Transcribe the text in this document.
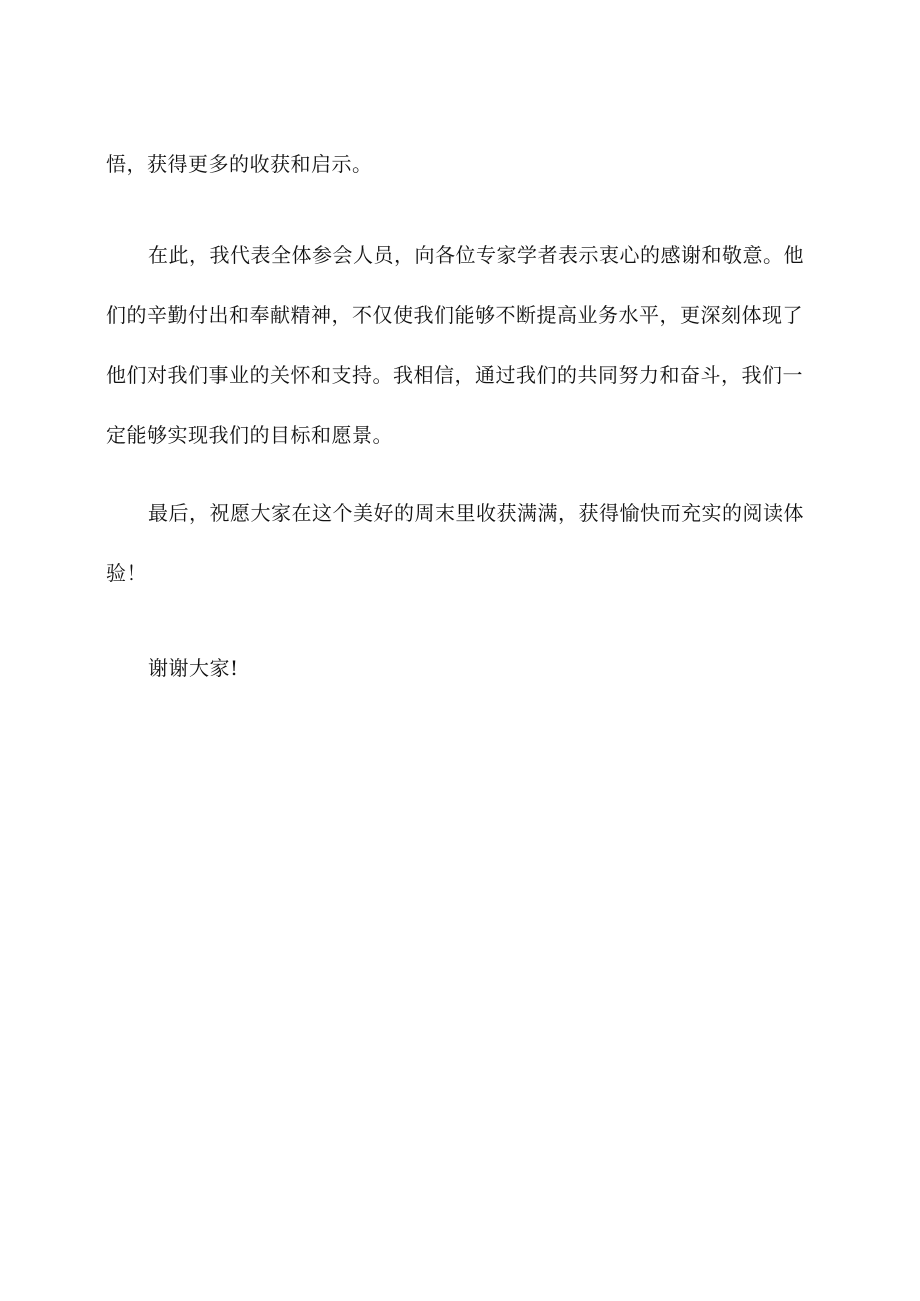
悟，获得更多的收获和启示。

在此，我代表全体参会人员，向各位专家学者表示衷心的感谢和敬意。他们的辛勤付出和奉献精神，不仅使我们能够不断提高业务水平，更深刻体现了他们对我们事业的关怀和支持。我相信，通过我们的共同努力和奋斗，我们一定能够实现我们的目标和愿景。

最后，祝愿大家在这个美好的周末里收获满满，获得愉快而充实的阅读体验！

谢谢大家!
